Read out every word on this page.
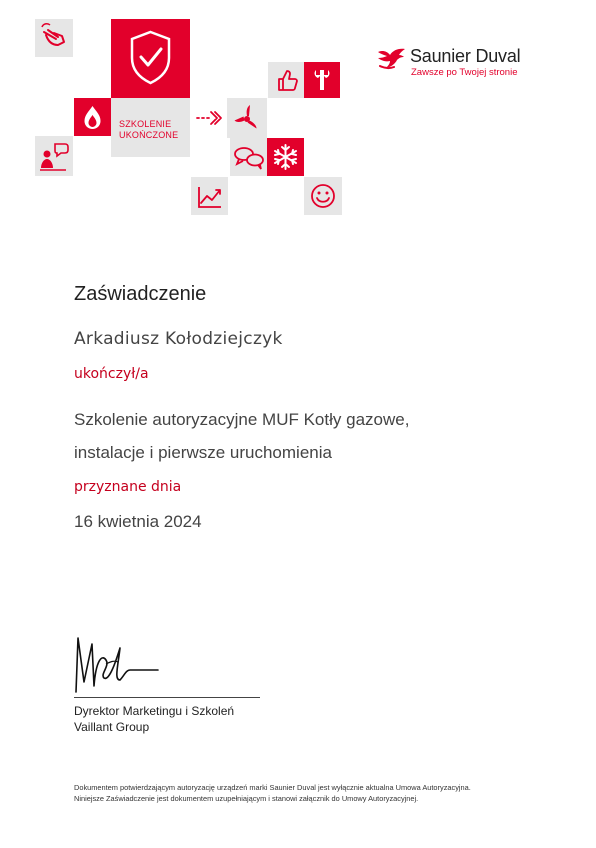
SZKOLENIE
UKOŃCZONE
Saunier Duval
Zawsze po Twojej stronie
Zaświadczenie
Arkadiusz Kołodziejczyk
ukończył/a
Szkolenie autoryzacyjne MUF Kotły gazowe,
instalacje i pierwsze uruchomienia
przyznane dnia
16 kwietnia 2024
Dyrektor Marketingu i Szkoleń
Vaillant Group
Dokumentem potwierdzającym autoryzację urządzeń marki Saunier Duval jest wyłącznie aktualna Umowa Autoryzacyjna.
Niniejsze Zaświadczenie jest dokumentem uzupełniającym i stanowi załącznik do Umowy Autoryzacyjnej.
